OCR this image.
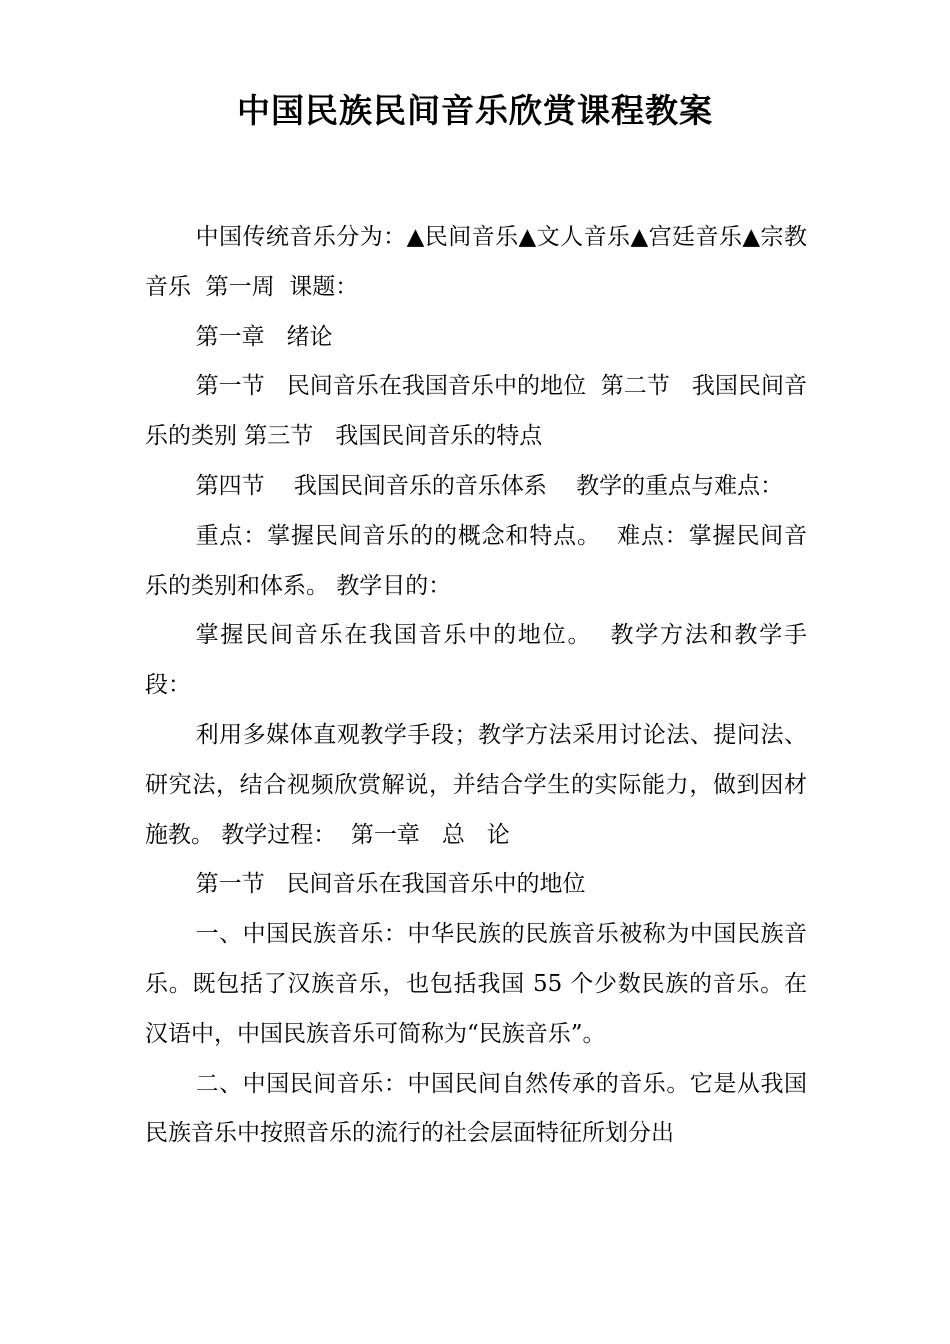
中国民族民间音乐欣赏课程教案

中国传统音乐分为：▲民间音乐▲文人音乐▲宫廷音乐▲宗教音乐  第一周  课题：

第一章   绪论

第一节   民间音乐在我国音乐中的地位  第二节   我国民间音乐的类别 第三节   我国民间音乐的特点

第四节    我国民间音乐的音乐体系    教学的重点与难点：

重点：掌握民间音乐的的概念和特点。  难点：掌握民间音乐的类别和体系。 教学目的：

掌握民间音乐在我国音乐中的地位。  教学方法和教学手段：

利用多媒体直观教学手段；教学方法采用讨论法、提问法、研究法，结合视频欣赏解说，并结合学生的实际能力，做到因材施教。 教学过程：  第一章   总   论

第一节   民间音乐在我国音乐中的地位

一、中国民族音乐：中华民族的民族音乐被称为中国民族音乐。既包括了汉族音乐，也包括我国 55 个少数民族的音乐。在汉语中，中国民族音乐可简称为“民族音乐”。

二、中国民间音乐：中国民间自然传承的音乐。它是从我国民族音乐中按照音乐的流行的社会层面特征所划分出
